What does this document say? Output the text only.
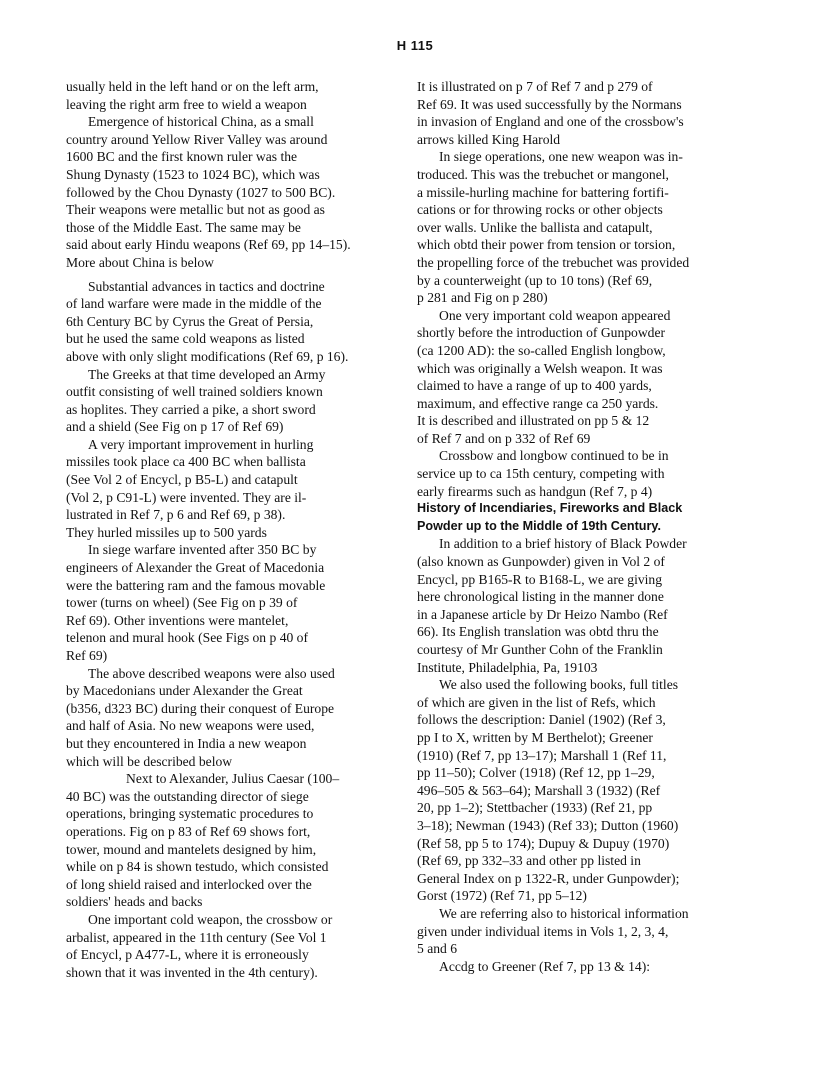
H 115
usually held in the left hand or on the left arm,
leaving the right arm free to wield a weapon
Emergence of historical China, as a small
country around Yellow River Valley was around
1600 BC and the first known ruler was the
Shung Dynasty (1523 to 1024 BC), which was
followed by the Chou Dynasty (1027 to 500 BC).
Their weapons were metallic but not as good as
those of the Middle East. The same may be
said about early Hindu weapons (Ref 69, pp 14–15).
More about China is below
Substantial advances in tactics and doctrine
of land warfare were made in the middle of the
6th Century BC by Cyrus the Great of Persia,
but he used the same cold weapons as listed
above with only slight modifications (Ref 69, p 16).
The Greeks at that time developed an Army
outfit consisting of well trained soldiers known
as hoplites. They carried a pike, a short sword
and a shield (See Fig on p 17 of Ref 69)
A very important improvement in hurling
missiles took place ca 400 BC when ballista
(See Vol 2 of Encycl, p B5-L) and catapult
(Vol 2, p C91-L) were invented. They are il-
lustrated in Ref 7, p 6 and Ref 69, p 38).
They hurled missiles up to 500 yards
In siege warfare invented after 350 BC by
engineers of Alexander the Great of Macedonia
were the battering ram and the famous movable
tower (turns on wheel) (See Fig on p 39 of
Ref 69). Other inventions were mantelet,
telenon and mural hook (See Figs on p 40 of
Ref 69)
The above described weapons were also used
by Macedonians under Alexander the Great
(b356, d323 BC) during their conquest of Europe
and half of Asia. No new weapons were used,
but they encountered in India a new weapon
which will be described below
Next to Alexander, Julius Caesar (100–
40 BC) was the outstanding director of siege
operations, bringing systematic procedures to
operations. Fig on p 83 of Ref 69 shows fort,
tower, mound and mantelets designed by him,
while on p 84 is shown testudo, which consisted
of long shield raised and interlocked over the
soldiers' heads and backs
One important cold weapon, the crossbow or
arbalist, appeared in the 11th century (See Vol 1
of Encycl, p A477-L, where it is erroneously
shown that it was invented in the 4th century).
It is illustrated on p 7 of Ref 7 and p 279 of
Ref 69. It was used successfully by the Normans
in invasion of England and one of the crossbow's
arrows killed King Harold
In siege operations, one new weapon was in-
troduced. This was the trebuchet or mangonel,
a missile-hurling machine for battering fortifi-
cations or for throwing rocks or other objects
over walls. Unlike the ballista and catapult,
which obtd their power from tension or torsion,
the propelling force of the trebuchet was provided
by a counterweight (up to 10 tons) (Ref 69,
p 281 and Fig on p 280)
One very important cold weapon appeared
shortly before the introduction of Gunpowder
(ca 1200 AD): the so-called English longbow,
which was originally a Welsh weapon. It was
claimed to have a range of up to 400 yards,
maximum, and effective range ca 250 yards.
It is described and illustrated on pp 5 & 12
of Ref 7 and on p 332 of Ref 69
Crossbow and longbow continued to be in
service up to ca 15th century, competing with
early firearms such as handgun (Ref 7, p 4)
History of Incendiaries, Fireworks and Black
Powder up to the Middle of 19th Century.
In addition to a brief history of Black Powder
(also known as Gunpowder) given in Vol 2 of
Encycl, pp B165-R to B168-L, we are giving
here chronological listing in the manner done
in a Japanese article by Dr Heizo Nambo (Ref
66). Its English translation was obtd thru the
courtesy of Mr Gunther Cohn of the Franklin
Institute, Philadelphia, Pa, 19103
We also used the following books, full titles
of which are given in the list of Refs, which
follows the description: Daniel (1902) (Ref 3,
pp I to X, written by M Berthelot); Greener
(1910) (Ref 7, pp 13–17); Marshall 1 (Ref 11,
pp 11–50); Colver (1918) (Ref 12, pp 1–29,
496–505 & 563–64); Marshall 3 (1932) (Ref
20, pp 1–2); Stettbacher (1933) (Ref 21, pp
3–18); Newman (1943) (Ref 33); Dutton (1960)
(Ref 58, pp 5 to 174); Dupuy & Dupuy (1970)
(Ref 69, pp 332–33 and other pp listed in
General Index on p 1322-R, under Gunpowder);
Gorst (1972) (Ref 71, pp 5–12)
We are referring also to historical information
given under individual items in Vols 1, 2, 3, 4,
5 and 6
Accdg to Greener (Ref 7, pp 13 & 14):
